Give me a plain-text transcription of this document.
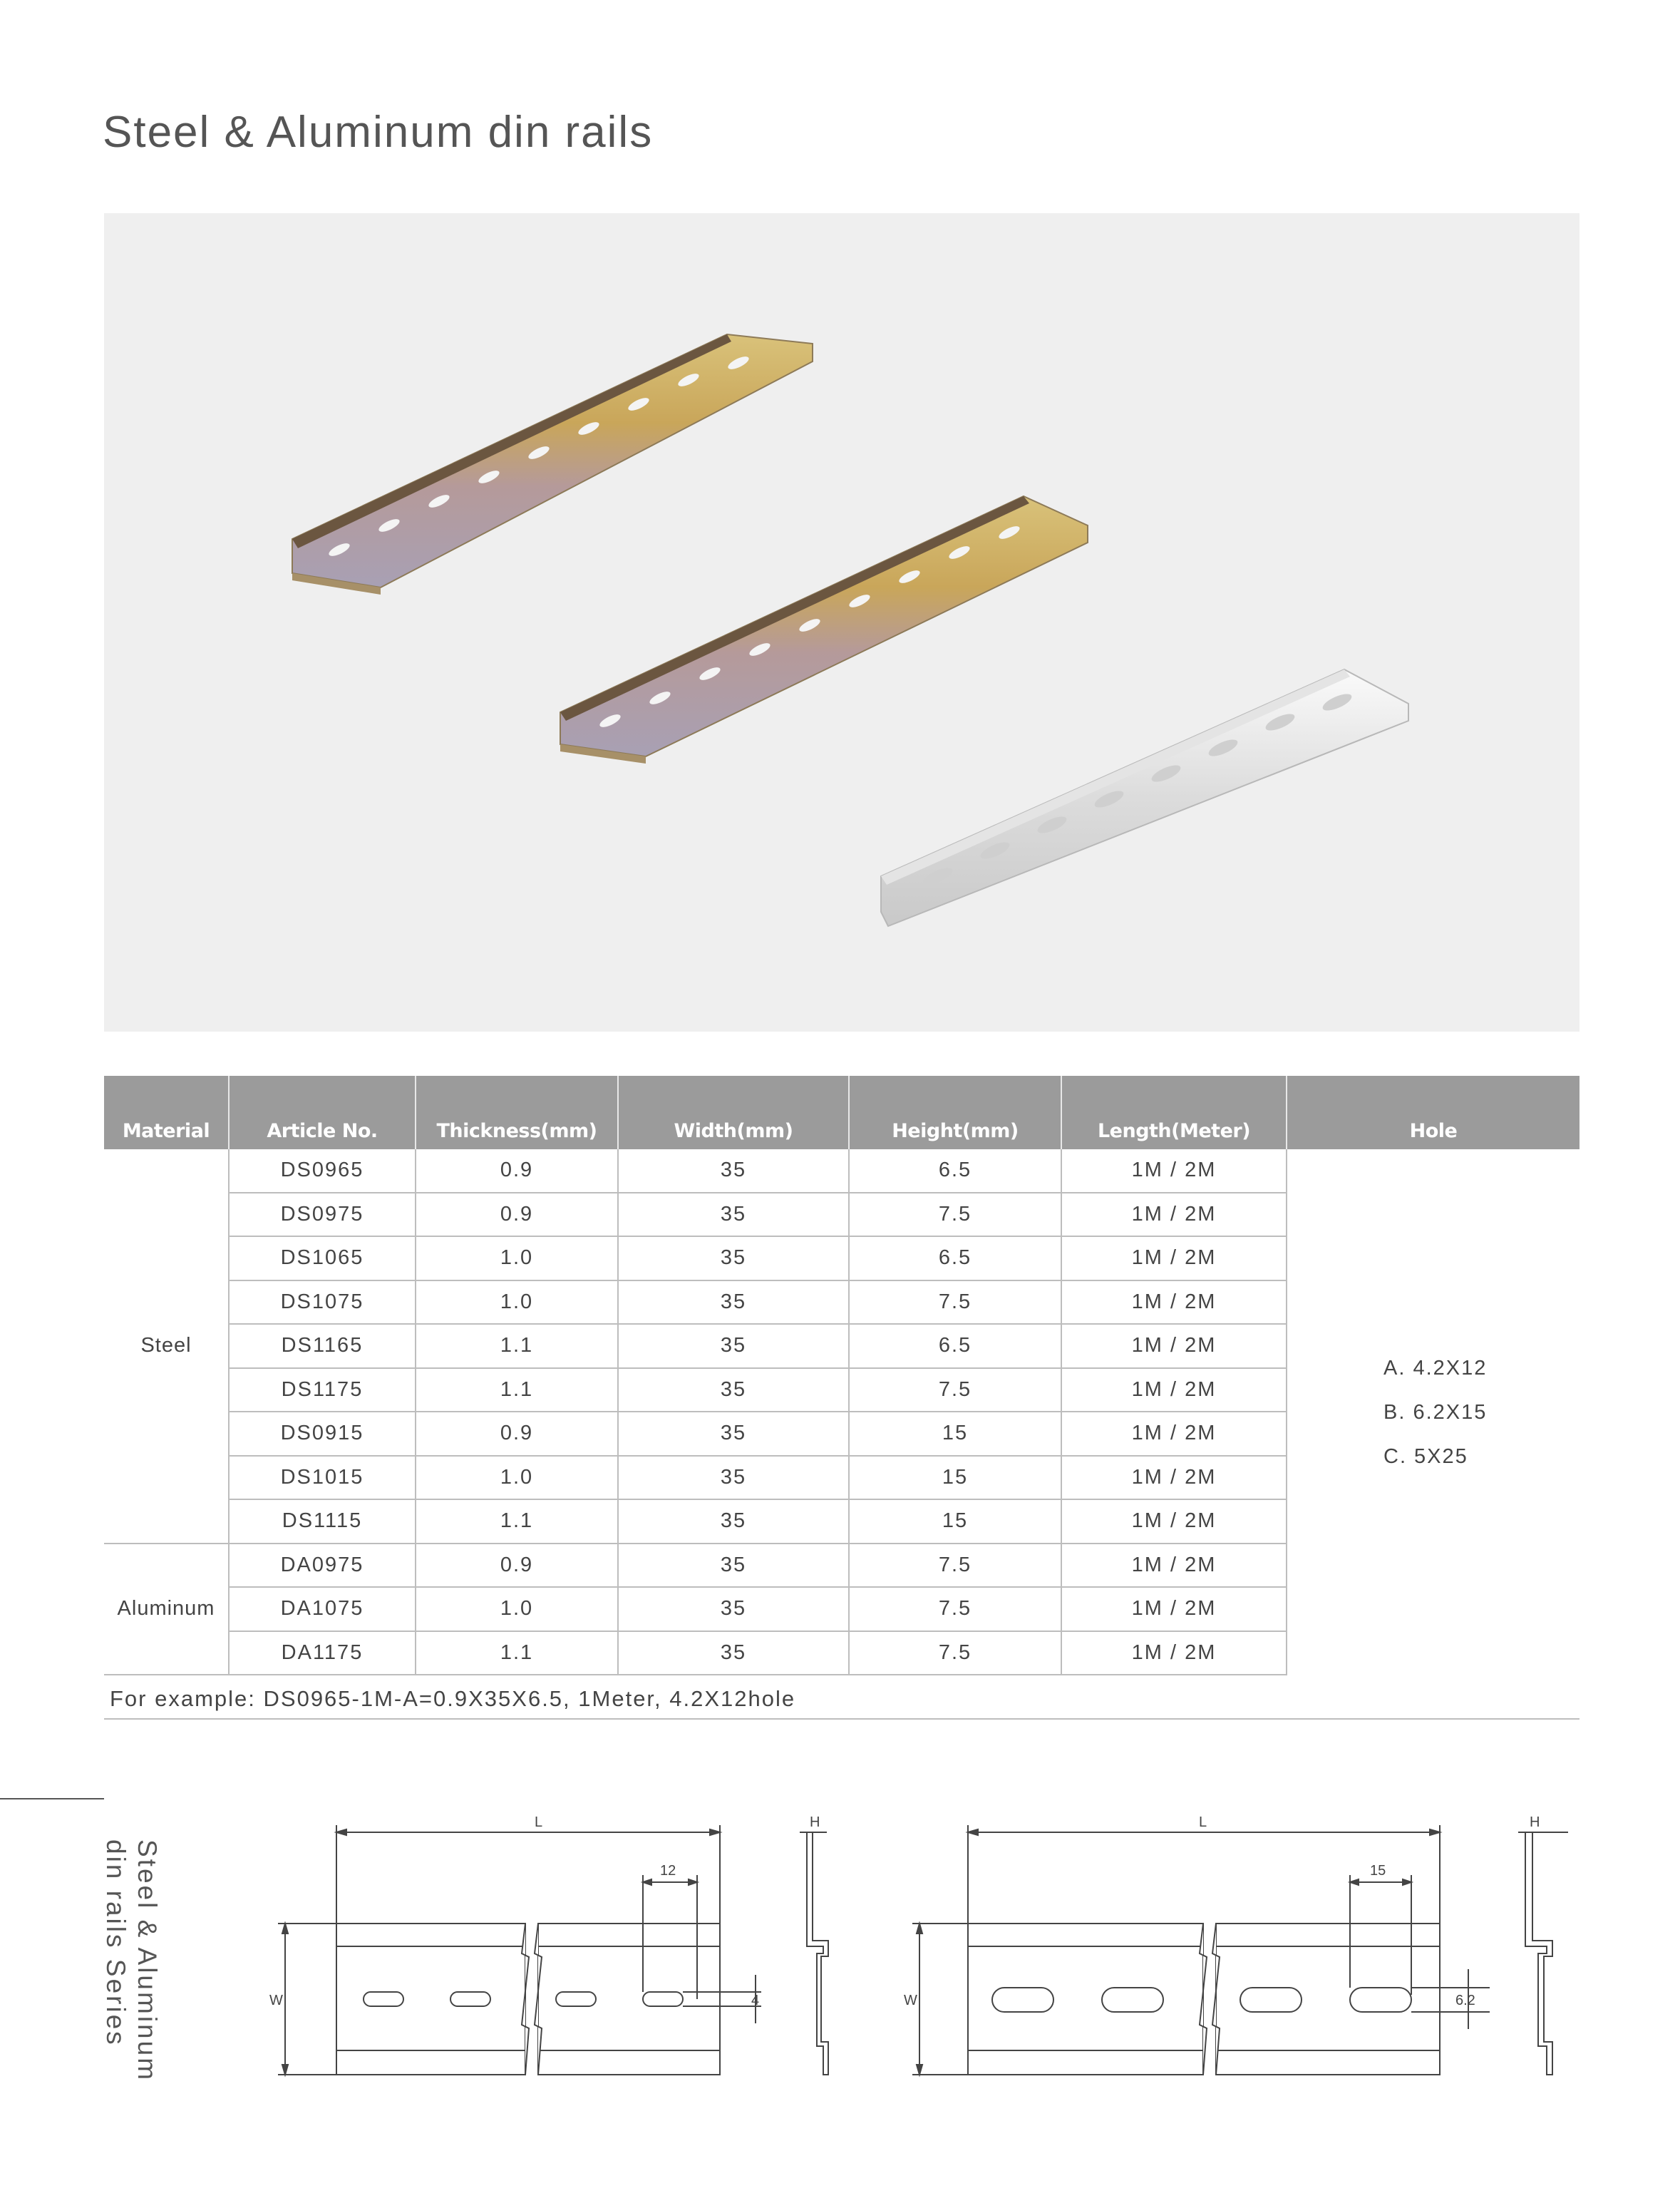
Steel & Aluminum din rails
Material	Article No.	Thickness(mm)	Width(mm)	Height(mm)	Length(Meter)	Hole
Steel	DS0965	0.9	35	6.5	1M / 2M	A. 4.2X12
B. 6.2X15
C. 5X25

	DS0975	0.9	35	7.5	1M / 2M	
	DS1065	1.0	35	6.5	1M / 2M	
	DS1075	1.0	35	7.5	1M / 2M	
	DS1165	1.1	35	6.5	1M / 2M	
	DS1175	1.1	35	7.5	1M / 2M	
	DS0915	0.9	35	15	1M / 2M	
	DS1015	1.0	35	15	1M / 2M	
	DS1115	1.1	35	15	1M / 2M	
Aluminum	DA0975	0.9	35	7.5	1M / 2M	
	DA1075	1.0	35	7.5	1M / 2M	
	DA1175	1.1	35	7.5	1M / 2M	
For example: DS0965-1M-A=0.9X35X6.5, 1Meter, 4.2X12hole
Steel & Aluminum
din rails Series
L
12
4
W
H	L
15
6.2
W
H
